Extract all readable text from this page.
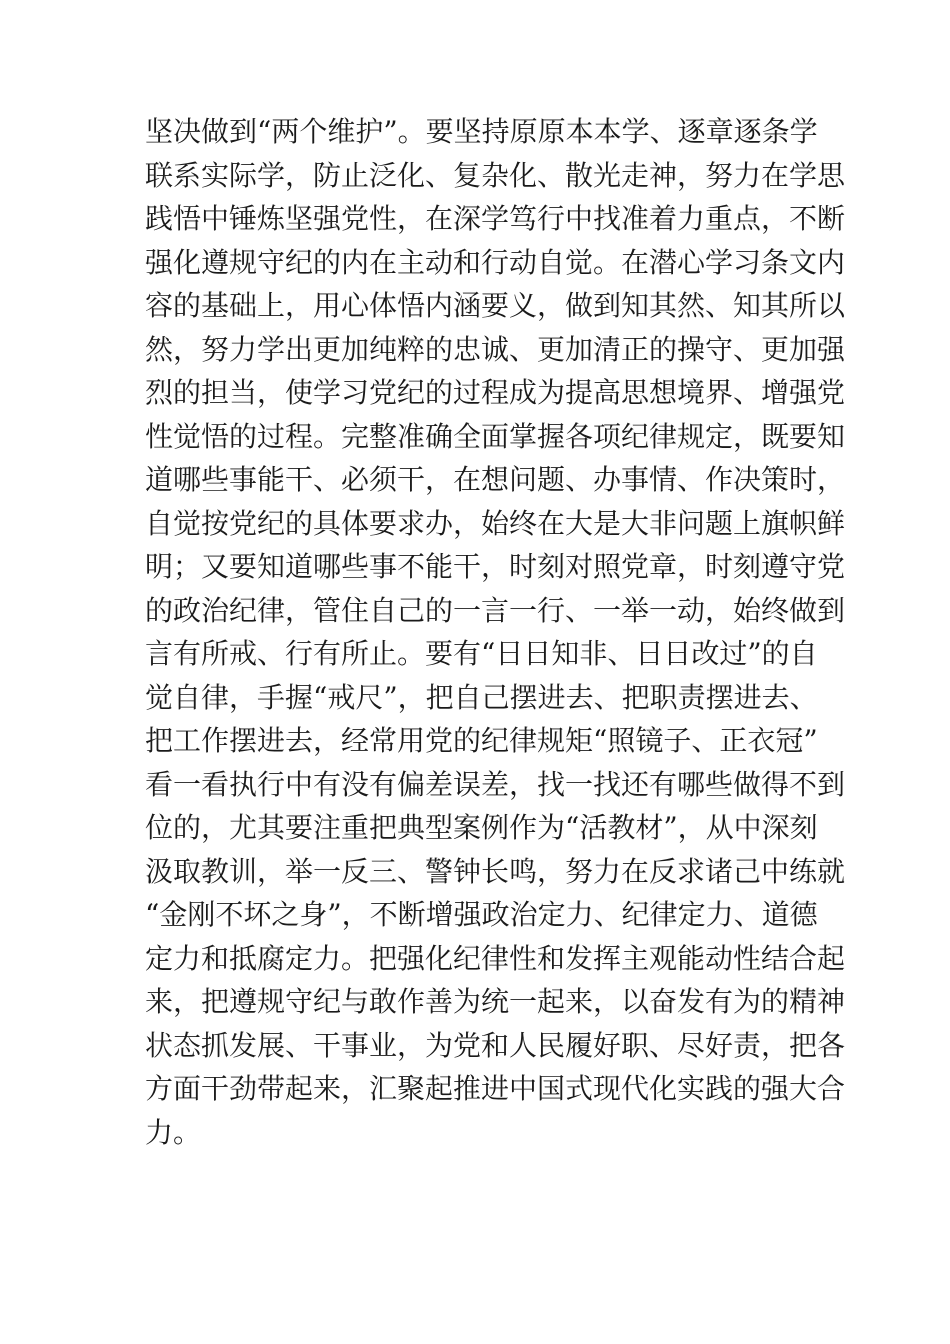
坚决做到“两个维护”。要坚持原原本本学、逐章逐条学
联系实际学，防止泛化、复杂化、散光走神，努力在学思
践悟中锤炼坚强党性，在深学笃行中找准着力重点，不断
强化遵规守纪的内在主动和行动自觉。在潜心学习条文内
容的基础上，用心体悟内涵要义，做到知其然、知其所以
然，努力学出更加纯粹的忠诚、更加清正的操守、更加强
烈的担当，使学习党纪的过程成为提高思想境界、增强党
性觉悟的过程。完整准确全面掌握各项纪律规定，既要知
道哪些事能干、必须干，在想问题、办事情、作决策时，
自觉按党纪的具体要求办，始终在大是大非问题上旗帜鲜
明；又要知道哪些事不能干，时刻对照党章，时刻遵守党
的政治纪律，管住自己的一言一行、一举一动，始终做到
言有所戒、行有所止。要有“日日知非、日日改过”的自
觉自律，手握“戒尺”，把自己摆进去、把职责摆进去、
把工作摆进去，经常用党的纪律规矩“照镜子、正衣冠”
看一看执行中有没有偏差误差，找一找还有哪些做得不到
位的，尤其要注重把典型案例作为“活教材”，从中深刻
汲取教训，举一反三、警钟长鸣，努力在反求诸己中练就
“金刚不坏之身”，不断增强政治定力、纪律定力、道德
定力和抵腐定力。把强化纪律性和发挥主观能动性结合起
来，把遵规守纪与敢作善为统一起来，以奋发有为的精神
状态抓发展、干事业，为党和人民履好职、尽好责，把各
方面干劲带起来，汇聚起推进中国式现代化实践的强大合
力。
